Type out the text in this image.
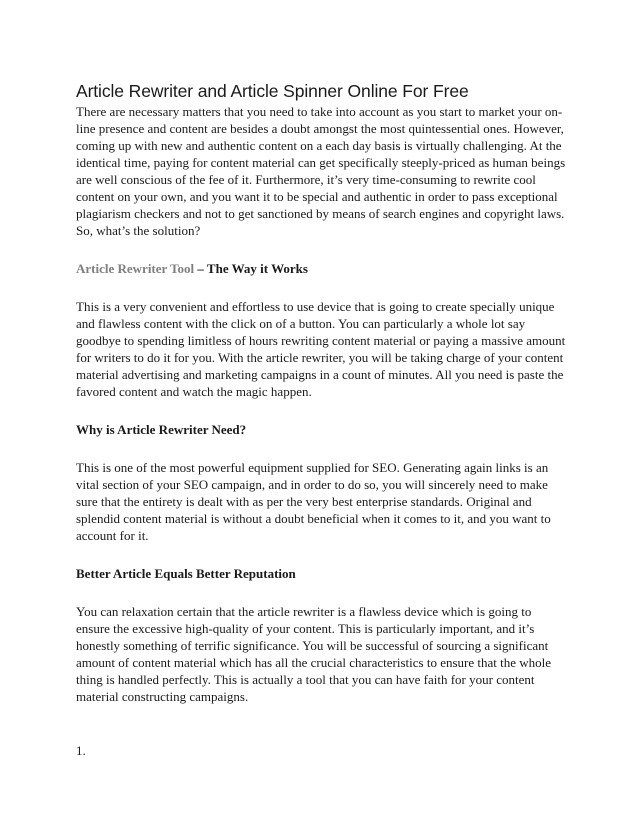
Article Rewriter and Article Spinner Online For Free

There are necessary matters that you need to take into account as you start to market your on-line presence and content are besides a doubt amongst the most quintessential ones. However, coming up with new and authentic content on a each day basis is virtually challenging. At the identical time, paying for content material can get specifically steeply-priced as human beings are well conscious of the fee of it. Furthermore, it’s very time-consuming to rewrite cool content on your own, and you want it to be special and authentic in order to pass exceptional plagiarism checkers and not to get sanctioned by means of search engines and copyright laws. So, what’s the solution?

Article Rewriter Tool – The Way it Works

This is a very convenient and effortless to use device that is going to create specially unique and flawless content with the click on of a button. You can particularly a whole lot say goodbye to spending limitless of hours rewriting content material or paying a massive amount for writers to do it for you. With the article rewriter, you will be taking charge of your content material advertising and marketing campaigns in a count of minutes. All you need is paste the favored content and watch the magic happen.

Why is Article Rewriter Need?

This is one of the most powerful equipment supplied for SEO. Generating again links is an vital section of your SEO campaign, and in order to do so, you will sincerely need to make sure that the entirety is dealt with as per the very best enterprise standards. Original and splendid content material is without a doubt beneficial when it comes to it, and you want to account for it.

Better Article Equals Better Reputation

You can relaxation certain that the article rewriter is a flawless device which is going to ensure the excessive high-quality of your content. This is particularly important, and it’s honestly something of terrific significance. You will be successful of sourcing a significant amount of content material which has all the crucial characteristics to ensure that the whole thing is handled perfectly. This is actually a tool that you can have faith for your content material constructing campaigns.

1.
